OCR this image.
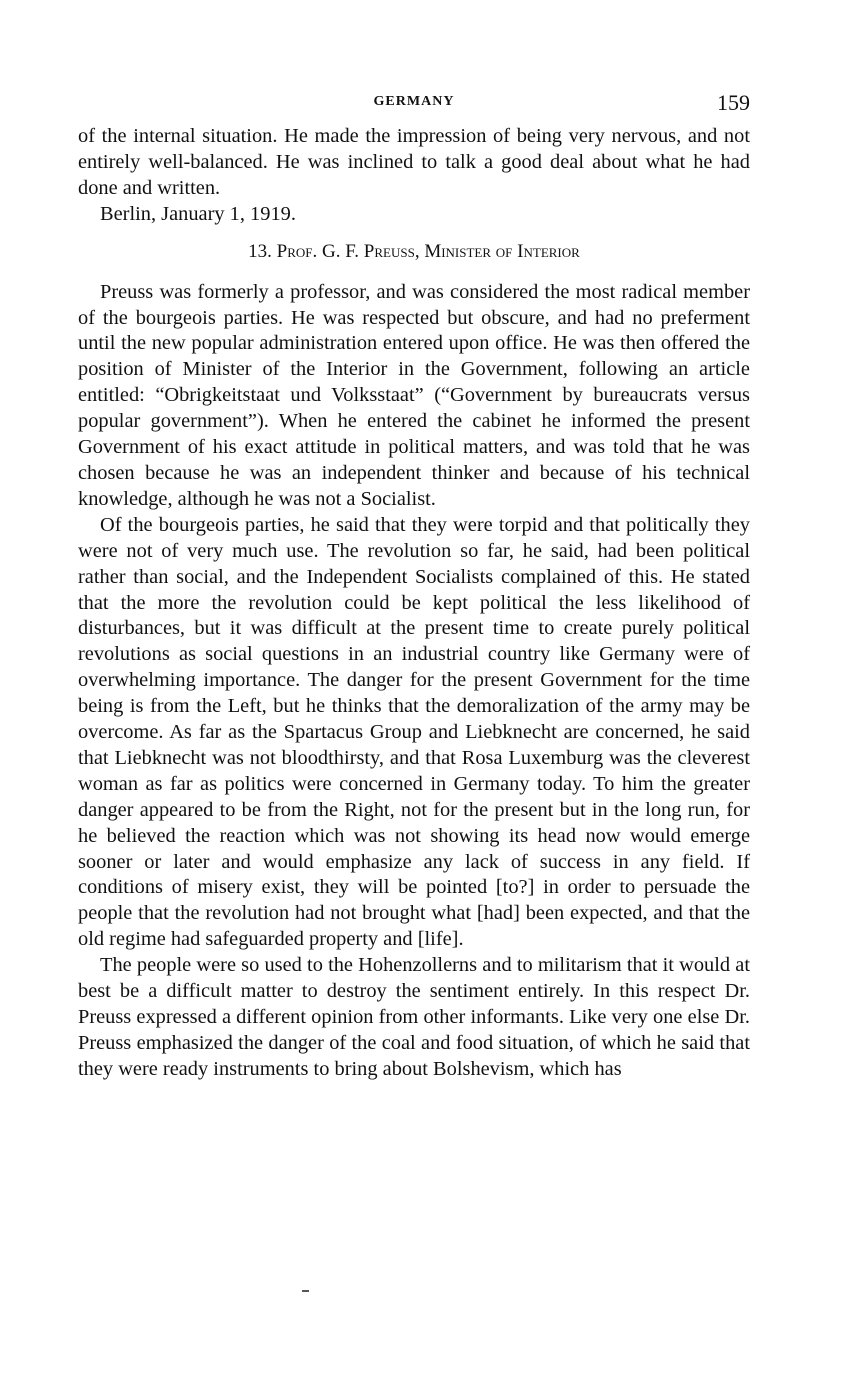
GERMANY	159

of the internal situation. He made the impression of being very nervous, and not entirely well-balanced. He was inclined to talk a good deal about what he had done and written.

Berlin, January 1, 1919.

13. Prof. G. F. Preuss, Minister of Interior

Preuss was formerly a professor, and was considered the most radical member of the bourgeois parties. He was respected but obscure, and had no preferment until the new popular administration entered upon office. He was then offered the position of Minister of the Interior in the Government, following an article entitled: “Obrigkeitstaat und Volksstaat” (“Government by bureaucrats versus popular government”). When he entered the cabinet he informed the present Government of his exact attitude in political matters, and was told that he was chosen because he was an independent thinker and because of his technical knowledge, although he was not a Socialist.

Of the bourgeois parties, he said that they were torpid and that politically they were not of very much use. The revolution so far, he said, had been political rather than social, and the Independent Socialists complained of this. He stated that the more the revolution could be kept political the less likelihood of disturbances, but it was difficult at the present time to create purely political revolutions as social questions in an industrial country like Germany were of overwhelming importance. The danger for the present Government for the time being is from the Left, but he thinks that the demoralization of the army may be overcome. As far as the Spartacus Group and Liebknecht are concerned, he said that Liebknecht was not bloodthirsty, and that Rosa Luxemburg was the cleverest woman as far as politics were concerned in Germany today. To him the greater danger appeared to be from the Right, not for the present but in the long run, for he believed the reaction which was not showing its head now would emerge sooner or later and would emphasize any lack of success in any field. If conditions of misery exist, they will be pointed [to?] in order to persuade the people that the revolution had not brought what [had] been expected, and that the old regime had safeguarded property and [life].

The people were so used to the Hohenzollerns and to militarism that it would at best be a difficult matter to destroy the sentiment entirely. In this respect Dr. Preuss expressed a different opinion from other informants. Like very one else Dr. Preuss emphasized the danger of the coal and food situation, of which he said that they were ready instruments to bring about Bolshevism, which has
